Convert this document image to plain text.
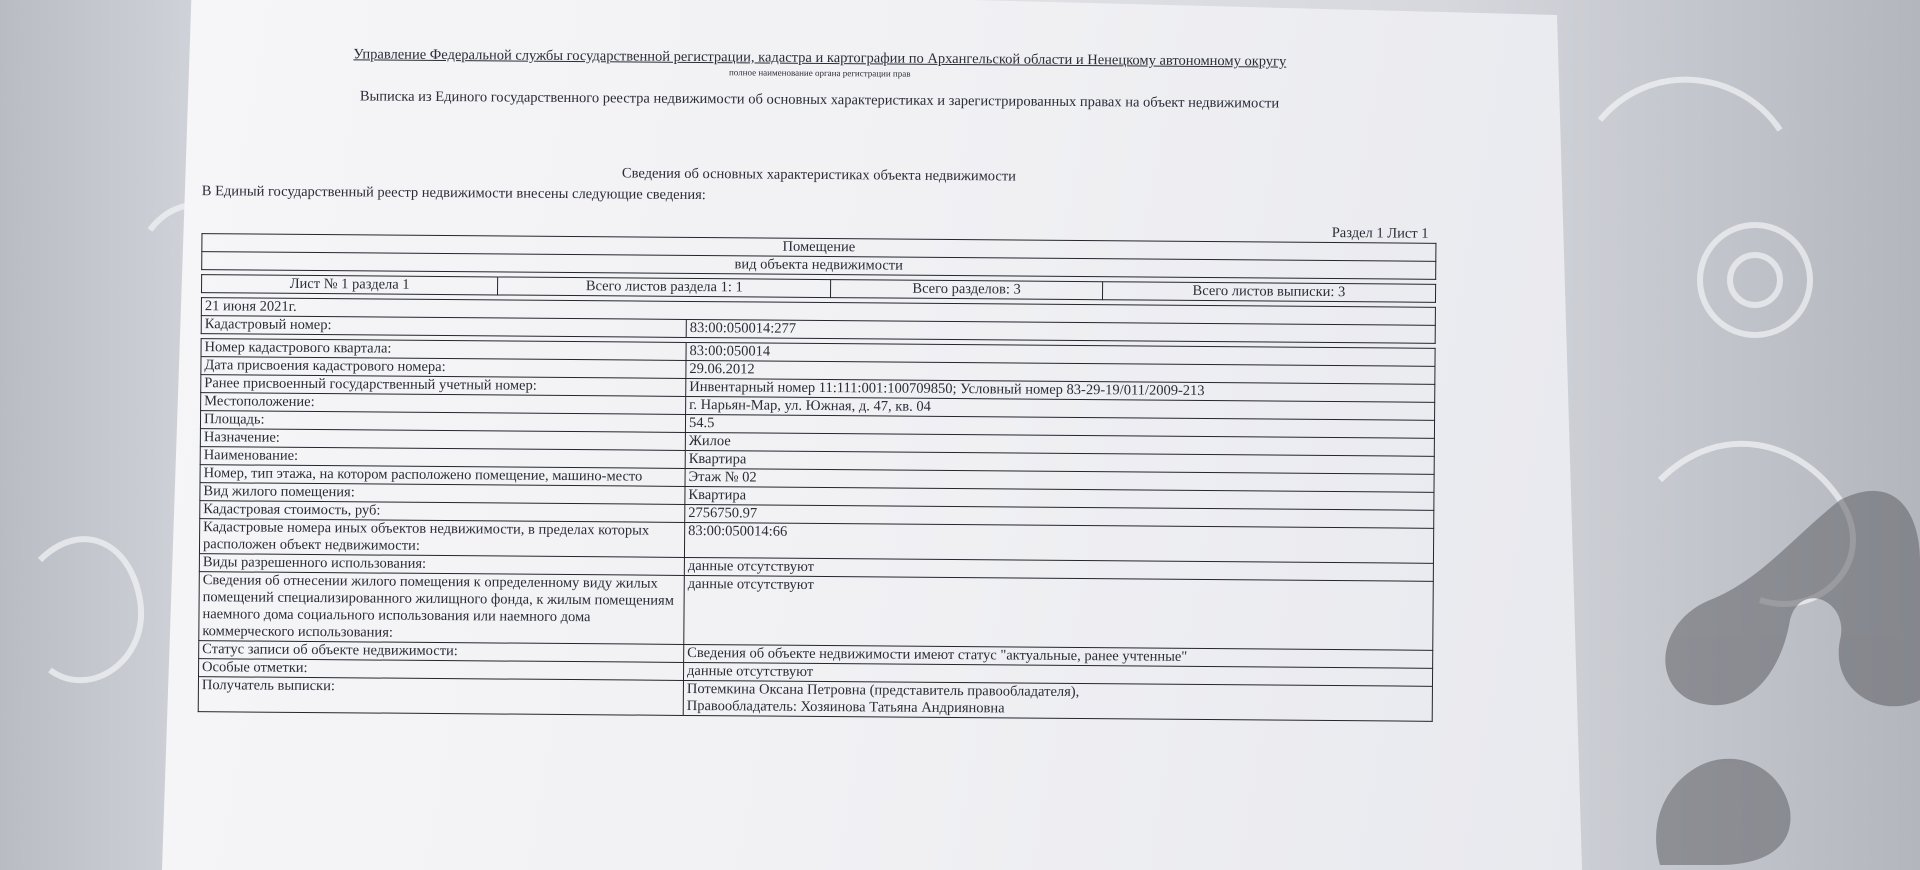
Управление Федеральной службы государственной регистрации, кадастра и картографии по Архангельской области и Ненецкому автономному округу
полное наименование органа регистрации прав
Выписка из Единого государственного реестра недвижимости об основных характеристиках и зарегистрированных правах на объект недвижимости
Сведения об основных характеристиках объекта недвижимости
В Единый государственный реестр недвижимости внесены следующие сведения:
Раздел 1 Лист 1
Помещение
вид объекта недвижимости
Лист № 1 раздела 1	Всего листов раздела 1: 1	Всего разделов: 3	Всего листов выписки: 3
21 июня 2021г.
Кадастровый номер:	83:00:050014:277
Номер кадастрового квартала:	83:00:050014
Дата присвоения кадастрового номера:	29.06.2012
Ранее присвоенный государственный учетный номер:	Инвентарный номер 11:111:001:100709850; Условный номер 83-29-19/011/2009-213
Местоположение:	г. Нарьян-Мар, ул. Южная, д. 47, кв. 04
Площадь:	54.5
Назначение:	Жилое
Наименование:	Квартира
Номер, тип этажа, на котором расположено помещение, машино-место	Этаж № 02
Вид жилого помещения:	Квартира
Кадастровая стоимость, руб:	2756750.97
Кадастровые номера иных объектов недвижимости, в пределах которых расположен объект недвижимости:	83:00:050014:66
Виды разрешенного использования:	данные отсутствуют
Сведения об отнесении жилого помещения к определенному виду жилых помещений специализированного жилищного фонда, к жилым помещениям наемного дома социального использования или наемного дома коммерческого использования:	данные отсутствуют
Статус записи об объекте недвижимости:	Сведения об объекте недвижимости имеют статус "актуальные, ранее учтенные"
Особые отметки:	данные отсутствуют
Получатель выписки:	Потемкина Оксана Петровна (представитель правообладателя),
Правообладатель: Хозяинова Татьяна Андрияновна
